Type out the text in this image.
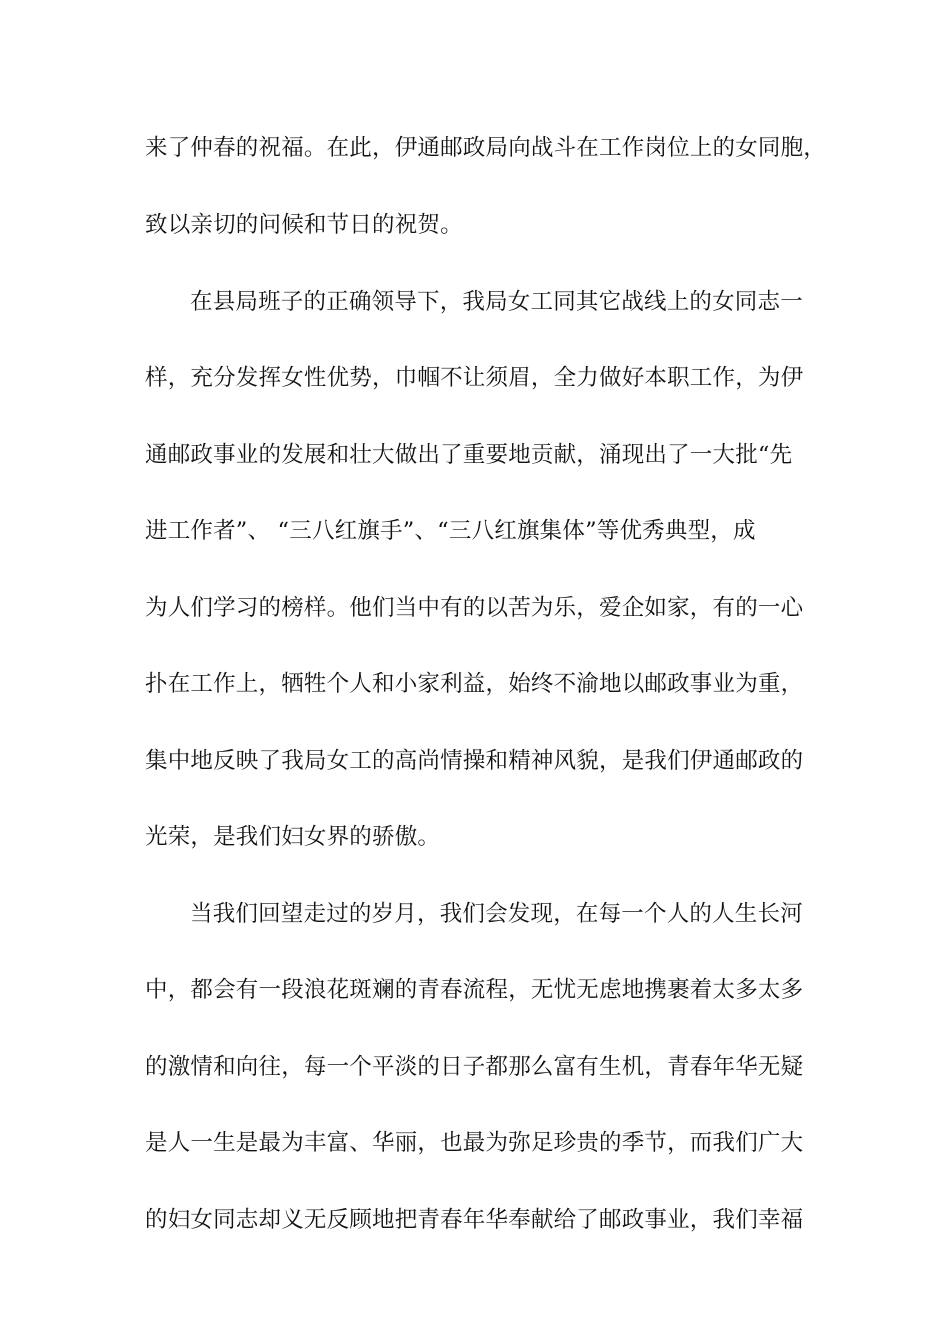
来了仲春的祝福。在此，伊通邮政局向战斗在工作岗位上的女同胞，
致以亲切的问候和节日的祝贺。
在县局班子的正确领导下，我局女工同其它战线上的女同志一
样，充分发挥女性优势，巾帼不让须眉，全力做好本职工作，为伊
通邮政事业的发展和壮大做出了重要地贡献，涌现出了一大批“先
进工作者”、 “三八红旗手”、“三八红旗集体”等优秀典型，成
为人们学习的榜样。他们当中有的以苦为乐，爱企如家，有的一心
扑在工作上，牺牲个人和小家利益，始终不渝地以邮政事业为重，
集中地反映了我局女工的高尚情操和精神风貌，是我们伊通邮政的
光荣，是我们妇女界的骄傲。
当我们回望走过的岁月，我们会发现，在每一个人的人生长河
中，都会有一段浪花斑斓的青春流程，无忧无虑地携裹着太多太多
的激情和向往，每一个平淡的日子都那么富有生机，青春年华无疑
是人一生是最为丰富、华丽，也最为弥足珍贵的季节，而我们广大
的妇女同志却义无反顾地把青春年华奉献给了邮政事业，我们幸福
